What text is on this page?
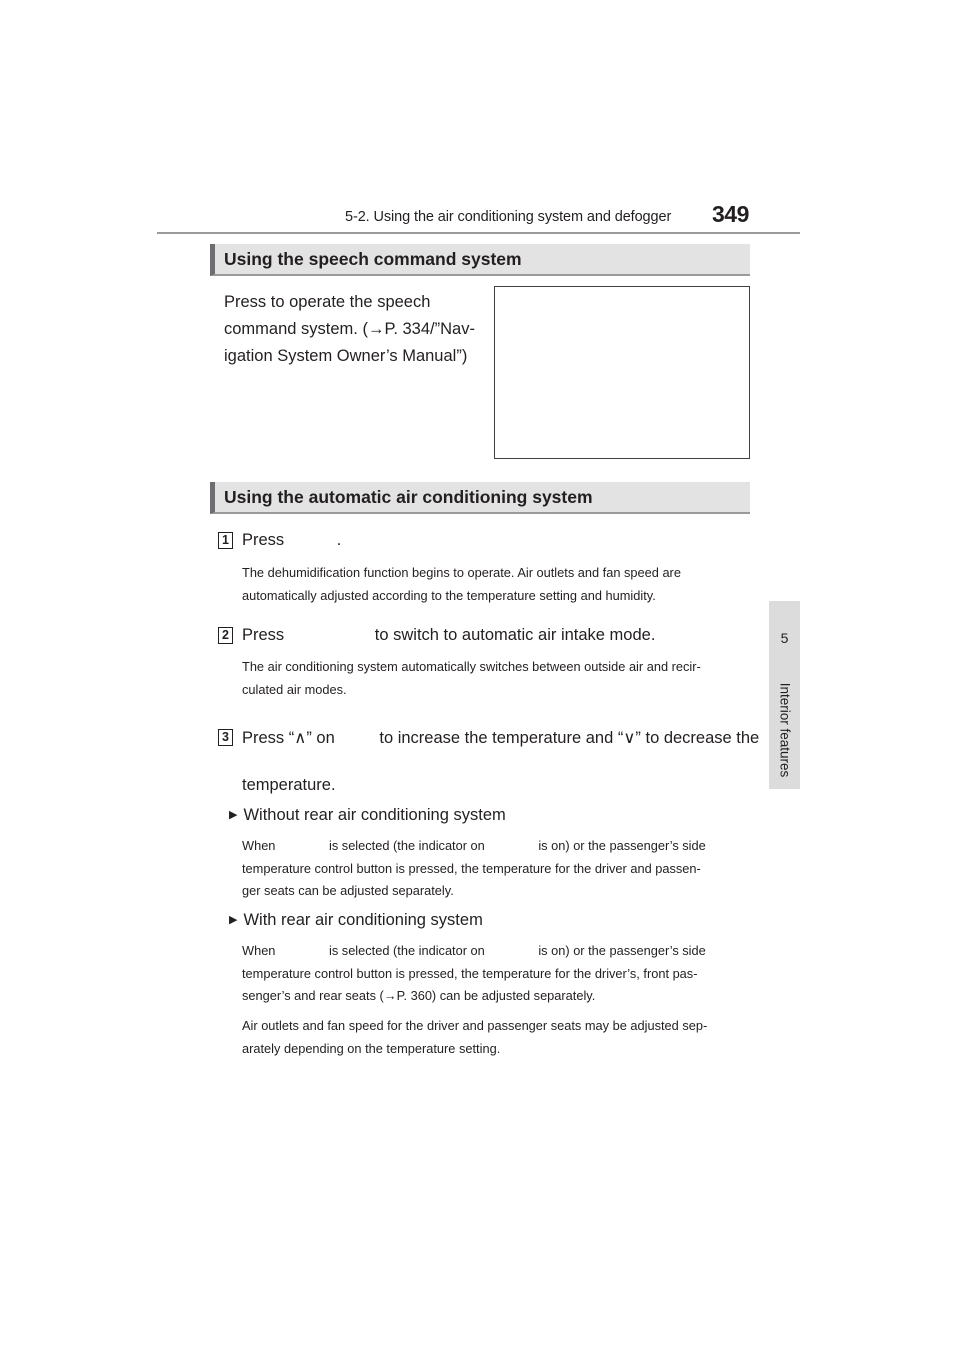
5-2. Using the air conditioning system and defogger 349
5
Interior features
Using the speech command system
Press to operate the speech
command system. (→P. 334/”Nav-
igation System Owner’s Manual”)
Using the automatic air conditioning system
1 Press	.
The dehumidification function begins to operate. Air outlets and fan speed are
automatically adjusted according to the temperature setting and humidity.
2 Press	to switch to automatic air intake mode.
The air conditioning system automatically switches between outside air and recir-
culated air modes.
3 Press “∧” on	to increase the temperature and “∨” to decrease the
temperature.
▶ Without rear air conditioning system
When	is selected (the indicator on	is on) or the passenger’s side
temperature control button is pressed, the temperature for the driver and passen-
ger seats can be adjusted separately.
▶ With rear air conditioning system
When	is selected (the indicator on	is on) or the passenger’s side
temperature control button is pressed, the temperature for the driver’s, front pas-
senger’s and rear seats (→P. 360) can be adjusted separately.
Air outlets and fan speed for the driver and passenger seats may be adjusted sep-
arately depending on the temperature setting.
